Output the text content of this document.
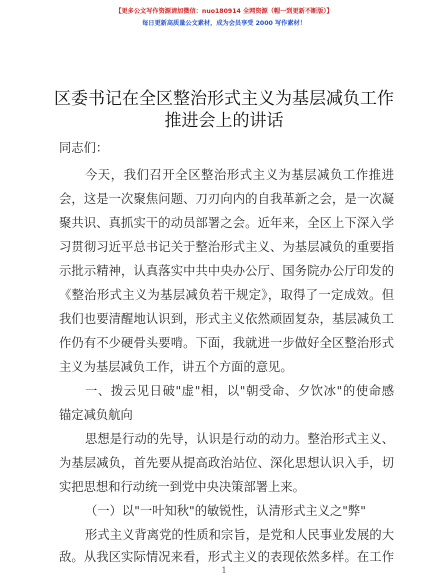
【更多公文写作资源请加微信：nuo180914 全网资源（帽一到更新不断版）】
每日更新高质量公文素材，成为会员享受 2000 写作素材！
区委书记在全区整治形式主义为基层减负工作
推进会上的讲话
同志们：
今天，我们召开全区整治形式主义为基层减负工作推进
会，这是一次聚焦问题、刀刃向内的自我革新之会，是一次凝
聚共识、真抓实干的动员部署之会。近年来，全区上下深入学
习贯彻习近平总书记关于整治形式主义、为基层减负的重要指
示批示精神，认真落实中共中央办公厅、国务院办公厅印发的
《整治形式主义为基层减负若干规定》，取得了一定成效。但
我们也要清醒地认识到，形式主义依然顽固复杂，基层减负工
作仍有不少硬骨头要啃。下面，我就进一步做好全区整治形式
主义为基层减负工作，讲五个方面的意见。
一、拨云见日破"虚"相，以"朝受命、夕饮冰"的使命感
锚定减负航向
思想是行动的先导，认识是行动的动力。整治形式主义、
为基层减负，首先要从提高政治站位、深化思想认识入手，切
实把思想和行动统一到党中央决策部署上来。
（一）以"一叶知秋"的敏锐性，认清形式主义之"弊"
形式主义背离党的性质和宗旨，是党和人民事业发展的大
敌。从我区实际情况来看，形式主义的表现依然多样。在工作
1
